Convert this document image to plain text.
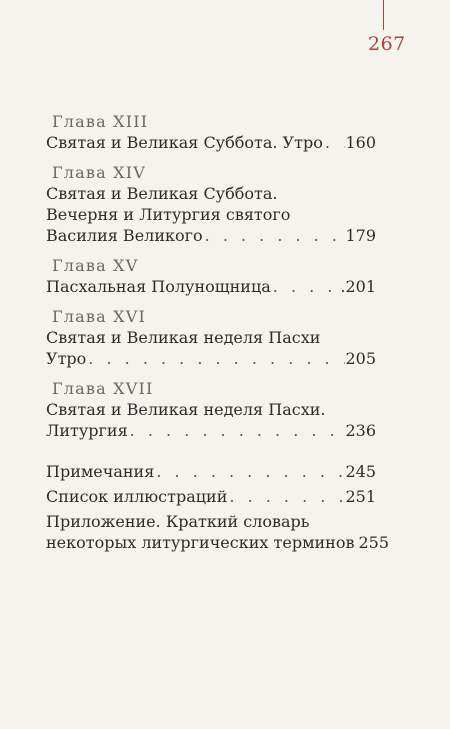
267
Глава XIII
Святая и Великая Суббота. Утро . . . 160
Глава XIV
Святая и Великая Суббота.
Вечерня и Литургия святого
Василия Великого . . .	179
Глава XV
Пасхальная Полунощница . . .	.201
Глава XVI
Святая и Великая неделя Пасхи
Утро . . .	205
Глава XVII
Святая и Великая неделя Пасхи.
Литургия . . .	236
Примечания . . .	245
Список иллюстраций . . .	251
Приложение. Краткий словарь
некоторых литургических терминов . . . 255
